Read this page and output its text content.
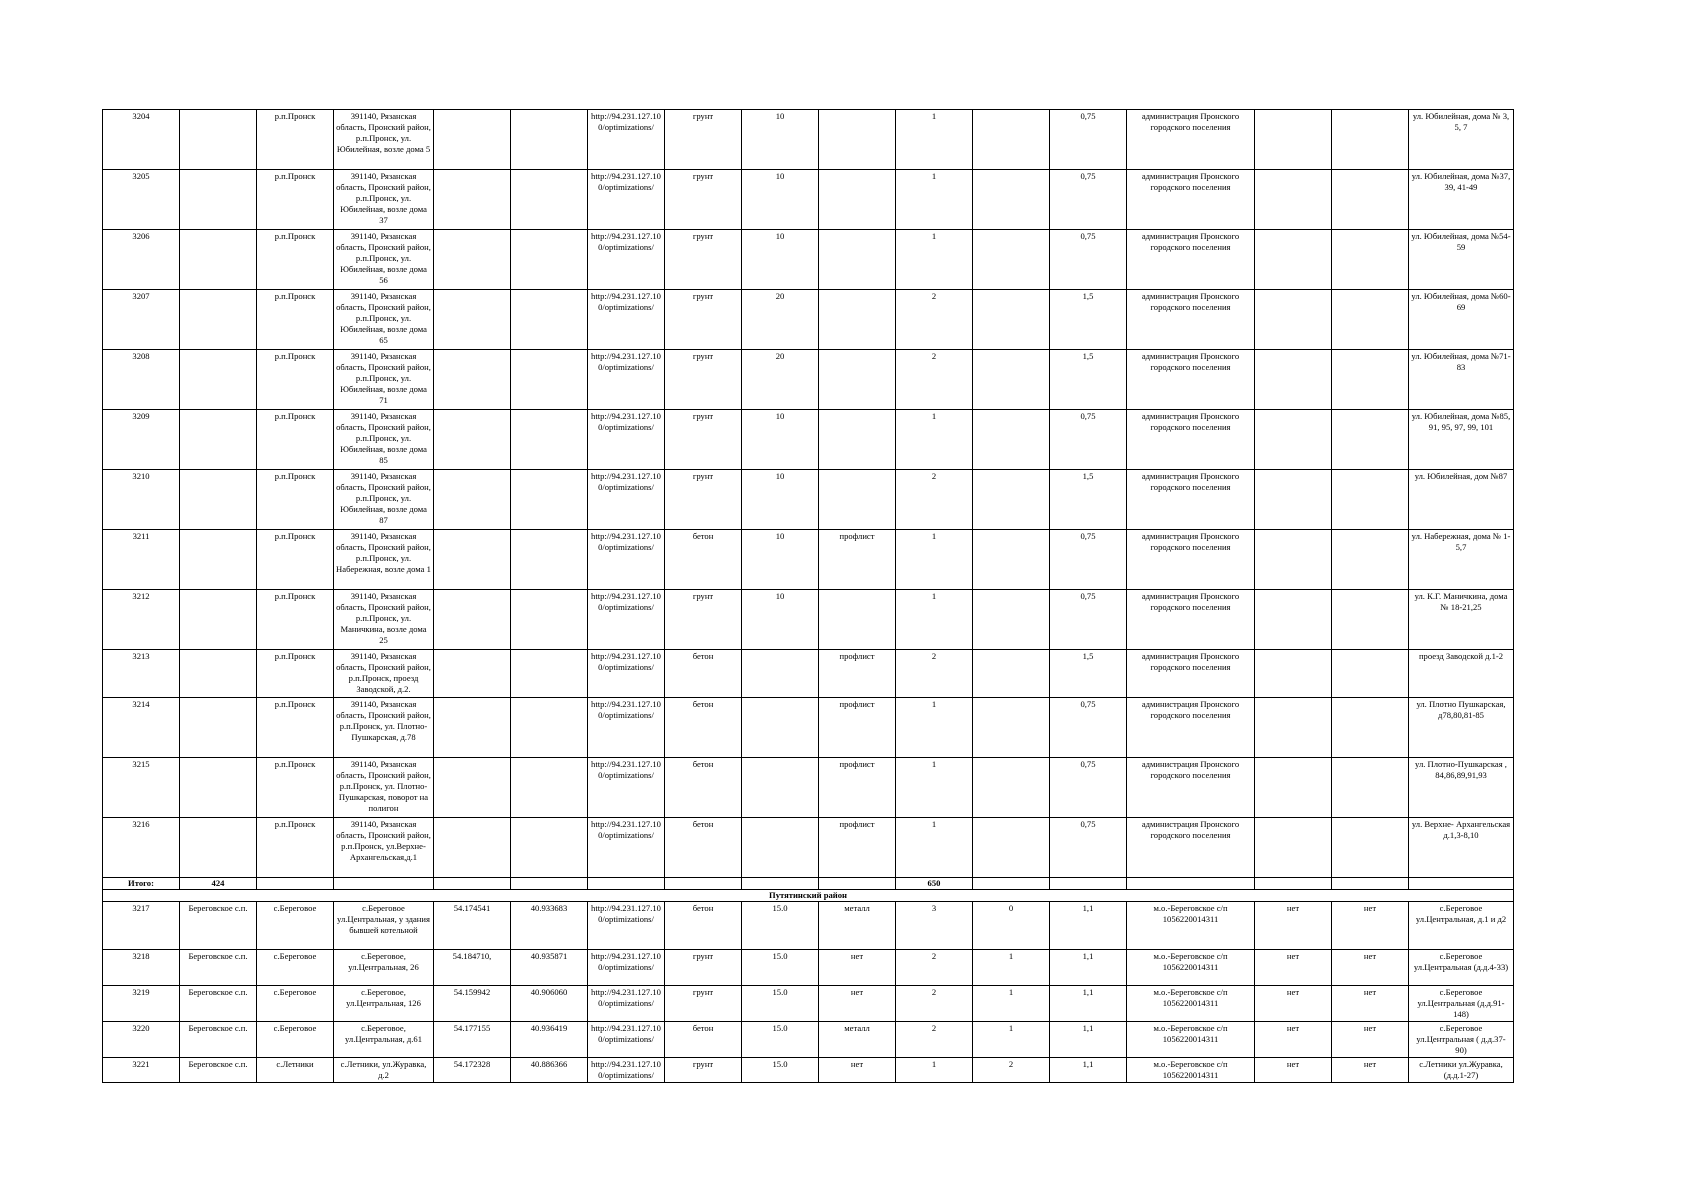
3204		р.п.Пронск	391140, Рязанская область, Пронский район, р.п.Пронск, ул. Юбилейная, возле дома 5			http://94.231.127.100/optimizations/	грунт	10		1		0,75	администрация Пронского городского поселения			ул. Юбилейная, дома № 3, 5, 7
3205		р.п.Пронск	391140, Рязанская область, Пронский район, р.п.Пронск, ул. Юбилейная, возле дома 37			http://94.231.127.100/optimizations/	грунт	10		1		0,75	администрация Пронского городского поселения			ул. Юбилейная, дома №37, 39, 41-49
3206		р.п.Пронск	391140, Рязанская область, Пронский район, р.п.Пронск, ул. Юбилейная, возле дома 56			http://94.231.127.100/optimizations/	грунт	10		1		0,75	администрация Пронского городского поселения			ул. Юбилейная, дома №54-59
3207		р.п.Пронск	391140, Рязанская область, Пронский район, р.п.Пронск, ул. Юбилейная, возле дома 65			http://94.231.127.100/optimizations/	грунт	20		2		1,5	администрация Пронского городского поселения			ул. Юбилейная, дома №60-69
3208		р.п.Пронск	391140, Рязанская область, Пронский район, р.п.Пронск, ул. Юбилейная, возле дома 71			http://94.231.127.100/optimizations/	грунт	20		2		1,5	администрация Пронского городского поселения			ул. Юбилейная, дома №71-83
3209		р.п.Пронск	391140, Рязанская область, Пронский район, р.п.Пронск, ул. Юбилейная, возле дома 85			http://94.231.127.100/optimizations/	грунт	10		1		0,75	администрация Пронского городского поселения			ул. Юбилейная, дома №85, 91, 95, 97, 99, 101
3210		р.п.Пронск	391140, Рязанская область, Пронский район, р.п.Пронск, ул. Юбилейная, возле дома 87			http://94.231.127.100/optimizations/	грунт	10		2		1,5	администрация Пронского городского поселения			ул. Юбилейная, дом №87
3211		р.п.Пронск	391140, Рязанская область, Пронский район, р.п.Пронск, ул. Набережная, возле дома 1			http://94.231.127.100/optimizations/	бетон	10	профлист	1		0,75	администрация Пронского городского поселения			ул. Набережная, дома № 1-5,7
3212		р.п.Пронск	391140, Рязанская область, Пронский район, р.п.Пронск, ул. Маничкина, возле дома 25			http://94.231.127.100/optimizations/	грунт	10		1		0,75	администрация Пронского городского поселения			ул. К.Г. Маничкина, дома № 18-21,25
3213		р.п.Пронск	391140, Рязанская область, Пронский район, р.п.Пронск, проезд Заводской, д.2.			http://94.231.127.100/optimizations/	бетон		профлист	2		1,5	администрация Пронского городского поселения			проезд Заводской д.1-2
3214		р.п.Пронск	391140, Рязанская область, Пронский район, р.п.Пронск, ул. Плотно- Пушкарская, д.78			http://94.231.127.100/optimizations/	бетон		профлист	1		0,75	администрация Пронского городского поселения			ул. Плотно Пушкарская, д78,80,81-85
3215		р.п.Пронск	391140, Рязанская область, Пронский район, р.п.Пронск, ул. Плотно- Пушкарская, поворот на полигон			http://94.231.127.100/optimizations/	бетон		профлист	1		0,75	администрация Пронского городского поселения			ул. Плотно-Пушкарская , 84,86,89,91,93
3216		р.п.Пронск	391140, Рязанская область, Пронский район, р.п.Пронск, ул.Верхне- Архангельская,д.1			http://94.231.127.100/optimizations/	бетон		профлист	1		0,75	администрация Пронского городского поселения			ул. Верхне- Архангельская д.1,3-8,10
Итого:	424									650						
Путятинский район																
3217	Береговское с.п.	с.Береговое	с.Береговое ул.Центральная, у здания бывшей котельной	54.174541	40.933683	http://94.231.127.100/optimizations/	бетон	15.0	металл	3	0	1,1	м.о.-Береговское с/п 1056220014311	нет	нет	с.Береговое ул.Центральная, д.1 и д2
3218	Береговское с.п.	с.Береговое	с.Береговое, ул.Центральная, 26	54.184710,	40.935871	http://94.231.127.100/optimizations/	грунт	15.0	нет	2	1	1,1	м.о.-Береговское с/п 1056220014311	нет	нет	с.Береговое ул.Центральная (д.д.4-33)
3219	Береговское с.п.	с.Береговое	с.Береговое, ул.Центральная, 126	54.159942	40.906060	http://94.231.127.100/optimizations/	грунт	15.0	нет	2	1	1,1	м.о.-Береговское с/п 1056220014311	нет	нет	с.Береговое ул.Центральная (д.д.91-148)
3220	Береговское с.п.	с.Береговое	с.Береговое, ул.Центральная, д.61	54.177155	40.936419	http://94.231.127.100/optimizations/	бетон	15.0	металл	2	1	1,1	м.о.-Береговское с/п 1056220014311	нет	нет	с.Береговое ул.Центральная ( д.д.37-90)
3221	Береговское с.п.	с.Летники	с.Летники, ул.Журавка, д.2	54.172328	40.886366	http://94.231.127.100/optimizations/	грунт	15.0	нет	1	2	1,1	м.о.-Береговское с/п 1056220014311	нет	нет	с.Летники ул.Журавка, (д.д.1-27)
